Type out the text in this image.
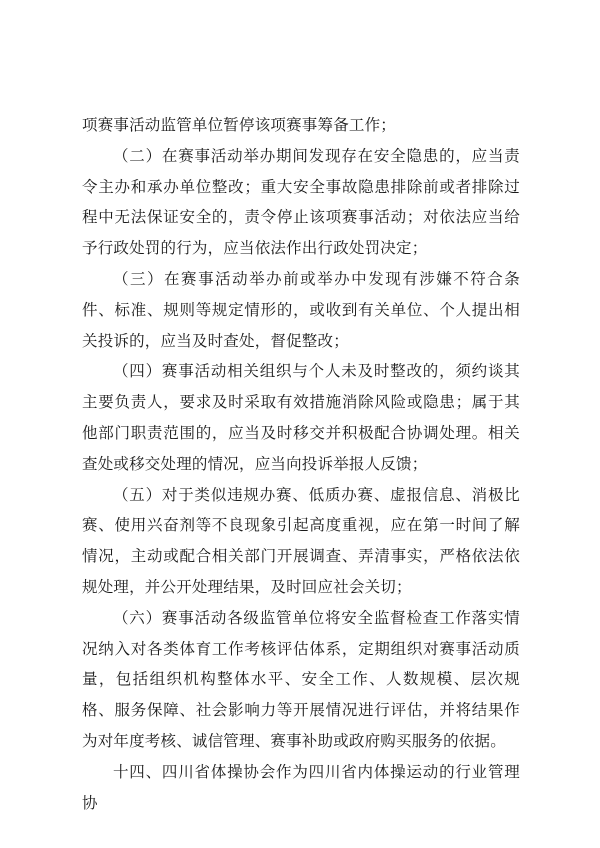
项赛事活动监管单位暂停该项赛事筹备工作；

（二）在赛事活动举办期间发现存在安全隐患的，应当责令主办和承办单位整改；重大安全事故隐患排除前或者排除过程中无法保证安全的，责令停止该项赛事活动；对依法应当给予行政处罚的行为，应当依法作出行政处罚决定；

（三）在赛事活动举办前或举办中发现有涉嫌不符合条件、标准、规则等规定情形的，或收到有关单位、个人提出相关投诉的，应当及时查处，督促整改；

（四）赛事活动相关组织与个人未及时整改的，须约谈其主要负责人，要求及时采取有效措施消除风险或隐患；属于其他部门职责范围的，应当及时移交并积极配合协调处理。相关查处或移交处理的情况，应当向投诉举报人反馈；

（五）对于类似违规办赛、低质办赛、虚报信息、消极比赛、使用兴奋剂等不良现象引起高度重视，应在第一时间了解情况，主动或配合相关部门开展调查、弄清事实，严格依法依规处理，并公开处理结果，及时回应社会关切；

（六）赛事活动各级监管单位将安全监督检查工作落实情况纳入对各类体育工作考核评估体系，定期组织对赛事活动质量，包括组织机构整体水平、安全工作、人数规模、层次规格、服务保障、社会影响力等开展情况进行评估，并将结果作为对年度考核、诚信管理、赛事补助或政府购买服务的依据。

十四、四川省体操协会作为四川省内体操运动的行业管理协
